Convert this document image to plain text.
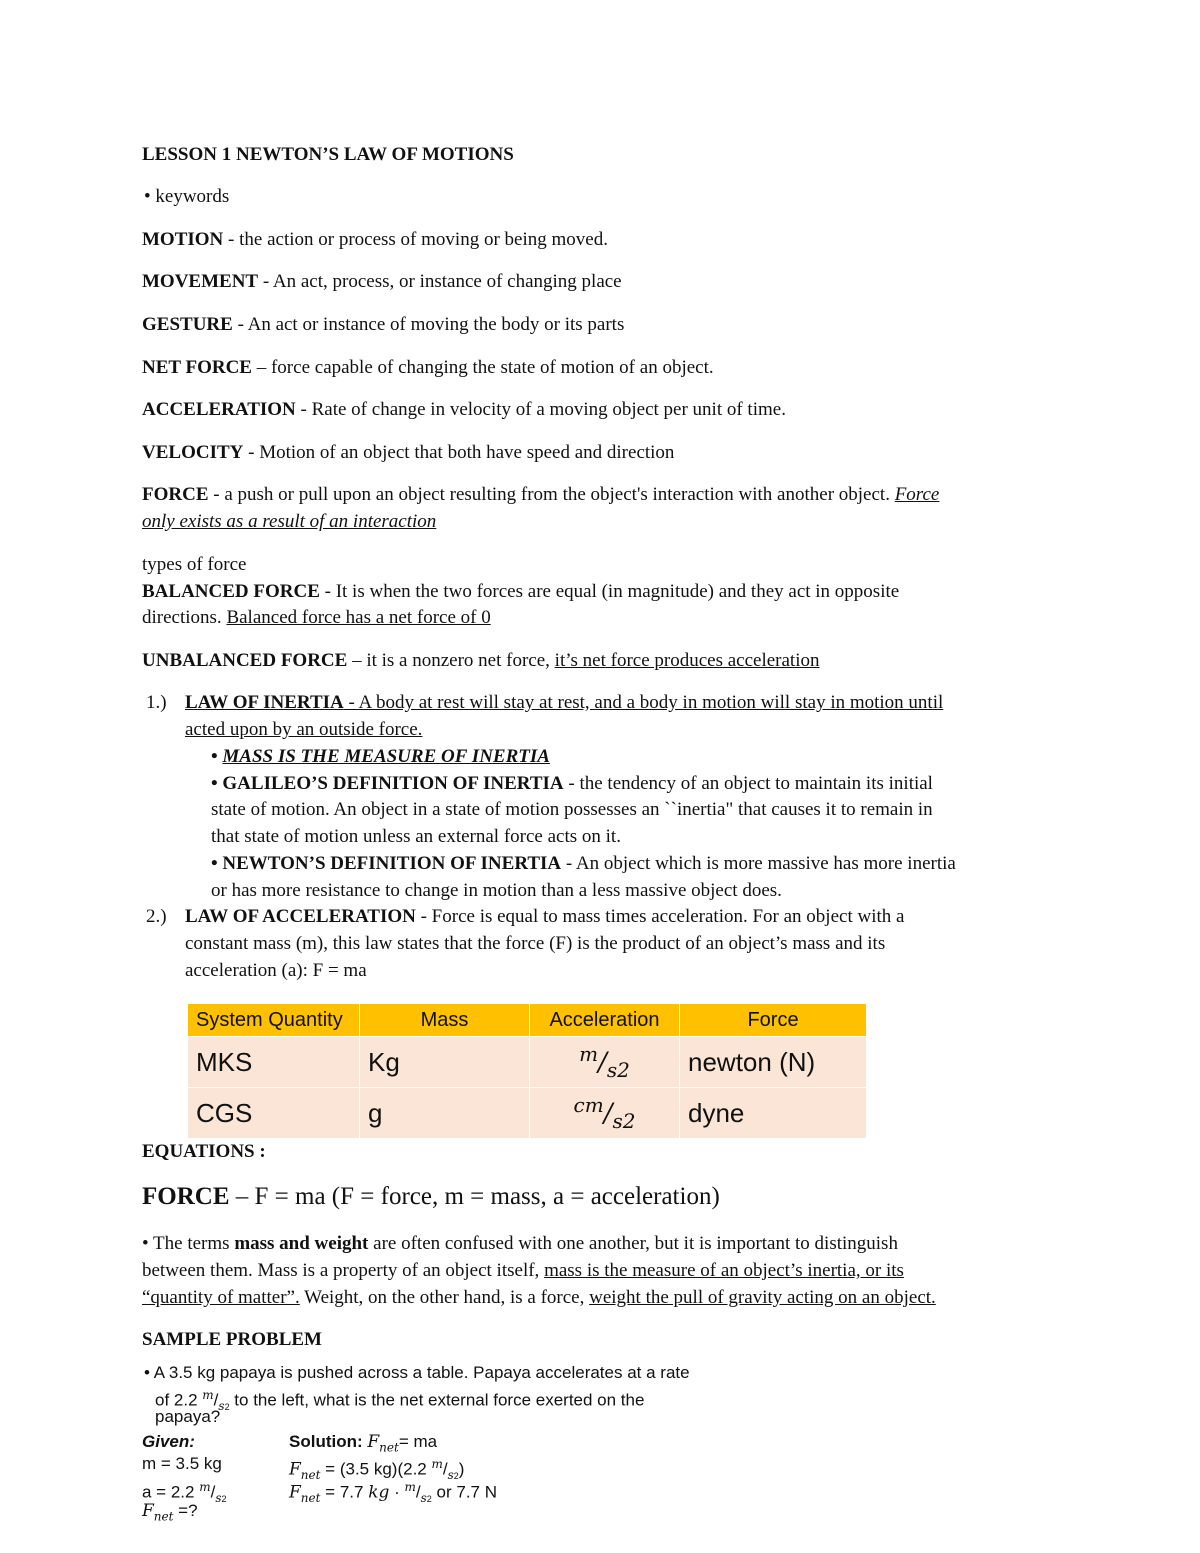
LESSON 1 NEWTON’S LAW OF MOTIONS
• keywords
MOTION - the action or process of moving or being moved.
MOVEMENT - An act, process, or instance of changing place
GESTURE - An act or instance of moving the body or its parts
NET FORCE – force capable of changing the state of motion of an object.
ACCELERATION - Rate of change in velocity of a moving object per unit of time.
VELOCITY - Motion of an object that both have speed and direction
FORCE - a push or pull upon an object resulting from the object's interaction with another object. Force
only exists as a result of an interaction
types of force
BALANCED FORCE - It is when the two forces are equal (in magnitude) and they act in opposite
directions. Balanced force has a net force of 0
UNBALANCED FORCE – it is a nonzero net force, it’s net force produces acceleration
1.) LAW OF INERTIA - A body at rest will stay at rest, and a body in motion will stay in motion until
acted upon by an outside force.
• MASS IS THE MEASURE OF INERTIA
• GALILEO’S DEFINITION OF INERTIA - the tendency of an object to maintain its initial
state of motion. An object in a state of motion possesses an ``inertia" that causes it to remain in
that state of motion unless an external force acts on it.
• NEWTON’S DEFINITION OF INERTIA - An object which is more massive has more inertia
or has more resistance to change in motion than a less massive object does.
2.) LAW OF ACCELERATION - Force is equal to mass times acceleration. For an object with a
constant mass (m), this law states that the force (F) is the product of an object’s mass and its
acceleration (a): F = ma
System Quantity	Mass	Acceleration	Force
MKS	Kg	$^m/_{s2}$	newton (N)
CGS	g	$^{cm}/_{s2}$	dyne
EQUATIONS :
FORCE – F = ma (F = force, m = mass, a = acceleration)
• The terms mass and weight are often confused with one another, but it is important to distinguish
between them. Mass is a property of an object itself, mass is the measure of an object’s inertia, or its
“quantity of matter”. Weight, on the other hand, is a force, weight the pull of gravity acting on an object.
SAMPLE PROBLEM
• A 3.5 kg papaya is pushed across a table. Papaya accelerates at a rate
of 2.2 $^m/_{s2}$ to the left, what is the net external force exerted on the
papaya?
Given:
m = 3.5 kg
a = 2.2 $^m/_{s2}$
$F_{net}$ =?
Solution: $F_{net}=$ ma
$F_{net} = (3.5$ kg)(2.2 $^m/_{s2}$)
$F_{net} = 7.7$ kg · $^m/_{s2}$ or 7.7 N
